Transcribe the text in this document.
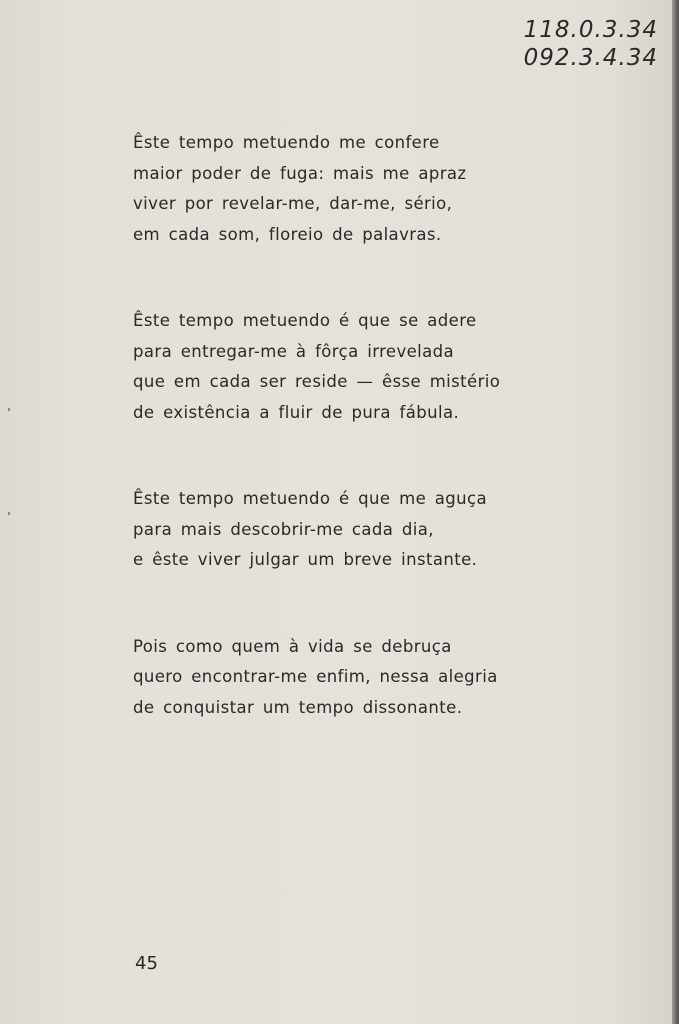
118.0.3.34
092.3.4.34
Êste tempo metuendo me confere
maior poder de fuga: mais me apraz
viver por revelar-me, dar-me, sério,
em cada som, floreio de palavras.
Êste tempo metuendo é que se adere
para entregar-me à fôrça irrevelada
que em cada ser reside — êsse mistério
de existência a fluir de pura fábula.
Êste tempo metuendo é que me aguça
para mais descobrir-me cada dia,
e êste viver julgar um breve instante.
Pois como quem à vida se debruça
quero encontrar-me enfim, nessa alegria
de conquistar um tempo dissonante.
45
